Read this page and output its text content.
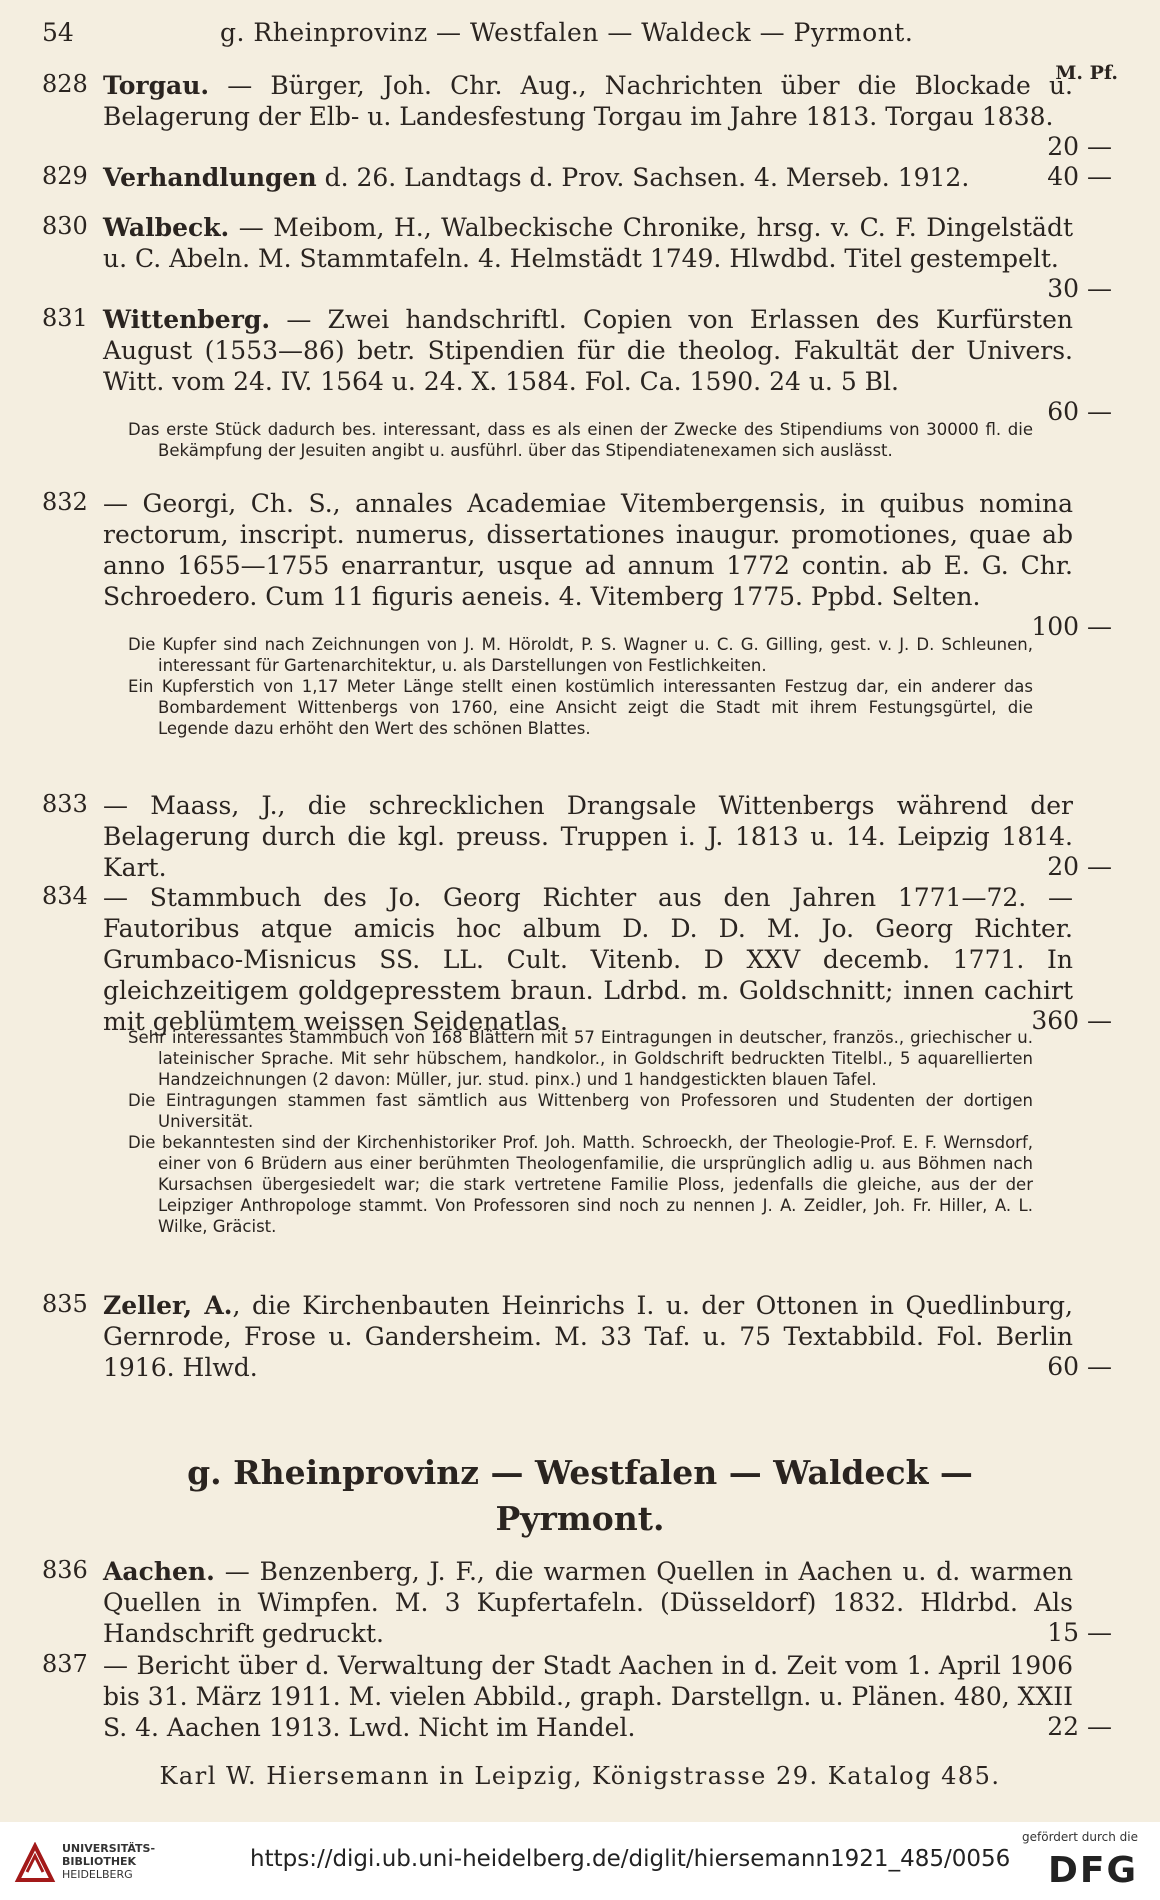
54	g. Rheinprovinz — Westfalen — Waldeck — Pyrmont.
M. Pf.
828 Torgau. — Bürger, Joh. Chr. Aug., Nachrichten über die Blockade u. Belagerung der Elb- u. Landesfestung Torgau im Jahre 1813. Torgau 1838.
20 —
829 Verhandlungen d. 26. Landtags d. Prov. Sachsen. 4. Merseb. 1912.	40 —
830 Walbeck. — Meibom, H., Walbeckische Chronike, hrsg. v. C. F. Dingelstädt u. C. Abeln. M. Stammtafeln. 4. Helmstädt 1749. Hlwdbd. Titel gestempelt.
30 —
831 Wittenberg. — Zwei handschriftl. Copien von Erlassen des Kurfürsten August (1553—86) betr. Stipendien für die theolog. Fakultät der Univers. Witt. vom 24. IV. 1564 u. 24. X. 1584. Fol. Ca. 1590. 24 u. 5 Bl.
60 —

Das erste Stück dadurch bes. interessant, dass es als einen der Zwecke des Stipendiums von 30000 fl. die Bekämpfung der Jesuiten angibt u. ausführl. über das Stipendiatenexamen sich auslässt.

832 — Georgi, Ch. S., annales Academiae Vitembergensis, in quibus nomina rectorum, inscript. numerus, dissertationes inaugur. promotiones, quae ab anno 1655—1755 enarrantur, usque ad annum 1772 contin. ab E. G. Chr. Schroedero. Cum 11 figuris aeneis. 4. Vitemberg 1775. Ppbd. Selten.
100 —

Die Kupfer sind nach Zeichnungen von J. M. Höroldt, P. S. Wagner u. C. G. Gilling, gest. v. J. D. Schleunen, interessant für Gartenarchitektur, u. als Darstellungen von Festlichkeiten.

Ein Kupferstich von 1,17 Meter Länge stellt einen kostümlich interessanten Festzug dar, ein anderer das Bombardement Wittenbergs von 1760, eine Ansicht zeigt die Stadt mit ihrem Festungsgürtel, die Legende dazu erhöht den Wert des schönen Blattes.

833 — Maass, J., die schrecklichen Drangsale Wittenbergs während der Belagerung durch die kgl. preuss. Truppen i. J. 1813 u. 14. Leipzig 1814. Kart.	20 —
834 — Stammbuch des Jo. Georg Richter aus den Jahren 1771—72. — Fautoribus atque amicis hoc album D. D. D. M. Jo. Georg Richter. Grumbaco-Misnicus SS. LL. Cult. Vitenb. D XXV decemb. 1771. In gleichzeitigem goldgepresstem braun. Ldrbd. m. Goldschnitt; innen cachirt mit geblümtem weissen Seidenatlas.	360 —

Sehr interessantes Stammbuch von 168 Blättern mit 57 Eintragungen in deutscher, französ., griechischer u. lateinischer Sprache. Mit sehr hübschem, handkolor., in Goldschrift bedruckten Titelbl., 5 aquarellierten Handzeichnungen (2 davon: Müller, jur. stud. pinx.) und 1 handgestickten blauen Tafel.

Die Eintragungen stammen fast sämtlich aus Wittenberg von Professoren und Studenten der dortigen Universität.

Die bekanntesten sind der Kirchenhistoriker Prof. Joh. Matth. Schroeckh, der Theologie-Prof. E. F. Wernsdorf, einer von 6 Brüdern aus einer berühmten Theologenfamilie, die ursprünglich adlig u. aus Böhmen nach Kursachsen übergesiedelt war; die stark vertretene Familie Ploss, jedenfalls die gleiche, aus der der Leipziger Anthropologe stammt. Von Professoren sind noch zu nennen J. A. Zeidler, Joh. Fr. Hiller, A. L. Wilke, Gräcist.

835 Zeller, A., die Kirchenbauten Heinrichs I. u. der Ottonen in Quedlinburg, Gernrode, Frose u. Gandersheim. M. 33 Taf. u. 75 Textabbild. Fol. Berlin 1916. Hlwd.	60 —
g. Rheinprovinz — Westfalen — Waldeck —
Pyrmont.
836 Aachen. — Benzenberg, J. F., die warmen Quellen in Aachen u. d. warmen Quellen in Wimpfen. M. 3 Kupfertafeln. (Düsseldorf) 1832. Hldrbd. Als Handschrift gedruckt.	15 —
837 — Bericht über d. Verwaltung der Stadt Aachen in d. Zeit vom 1. April 1906 bis 31. März 1911. M. vielen Abbild., graph. Darstellgn. u. Plänen. 480, XXII S. 4. Aachen 1913. Lwd. Nicht im Handel.	22 —
Karl W. Hiersemann in Leipzig, Königstrasse 29. Katalog 485.
UNIVERSITÄTS-
BIBLIOTHEK
HEIDELBERG
https://digi.ub.uni-heidelberg.de/diglit/hiersemann1921_485/0056
gefördert durch die
DFG
